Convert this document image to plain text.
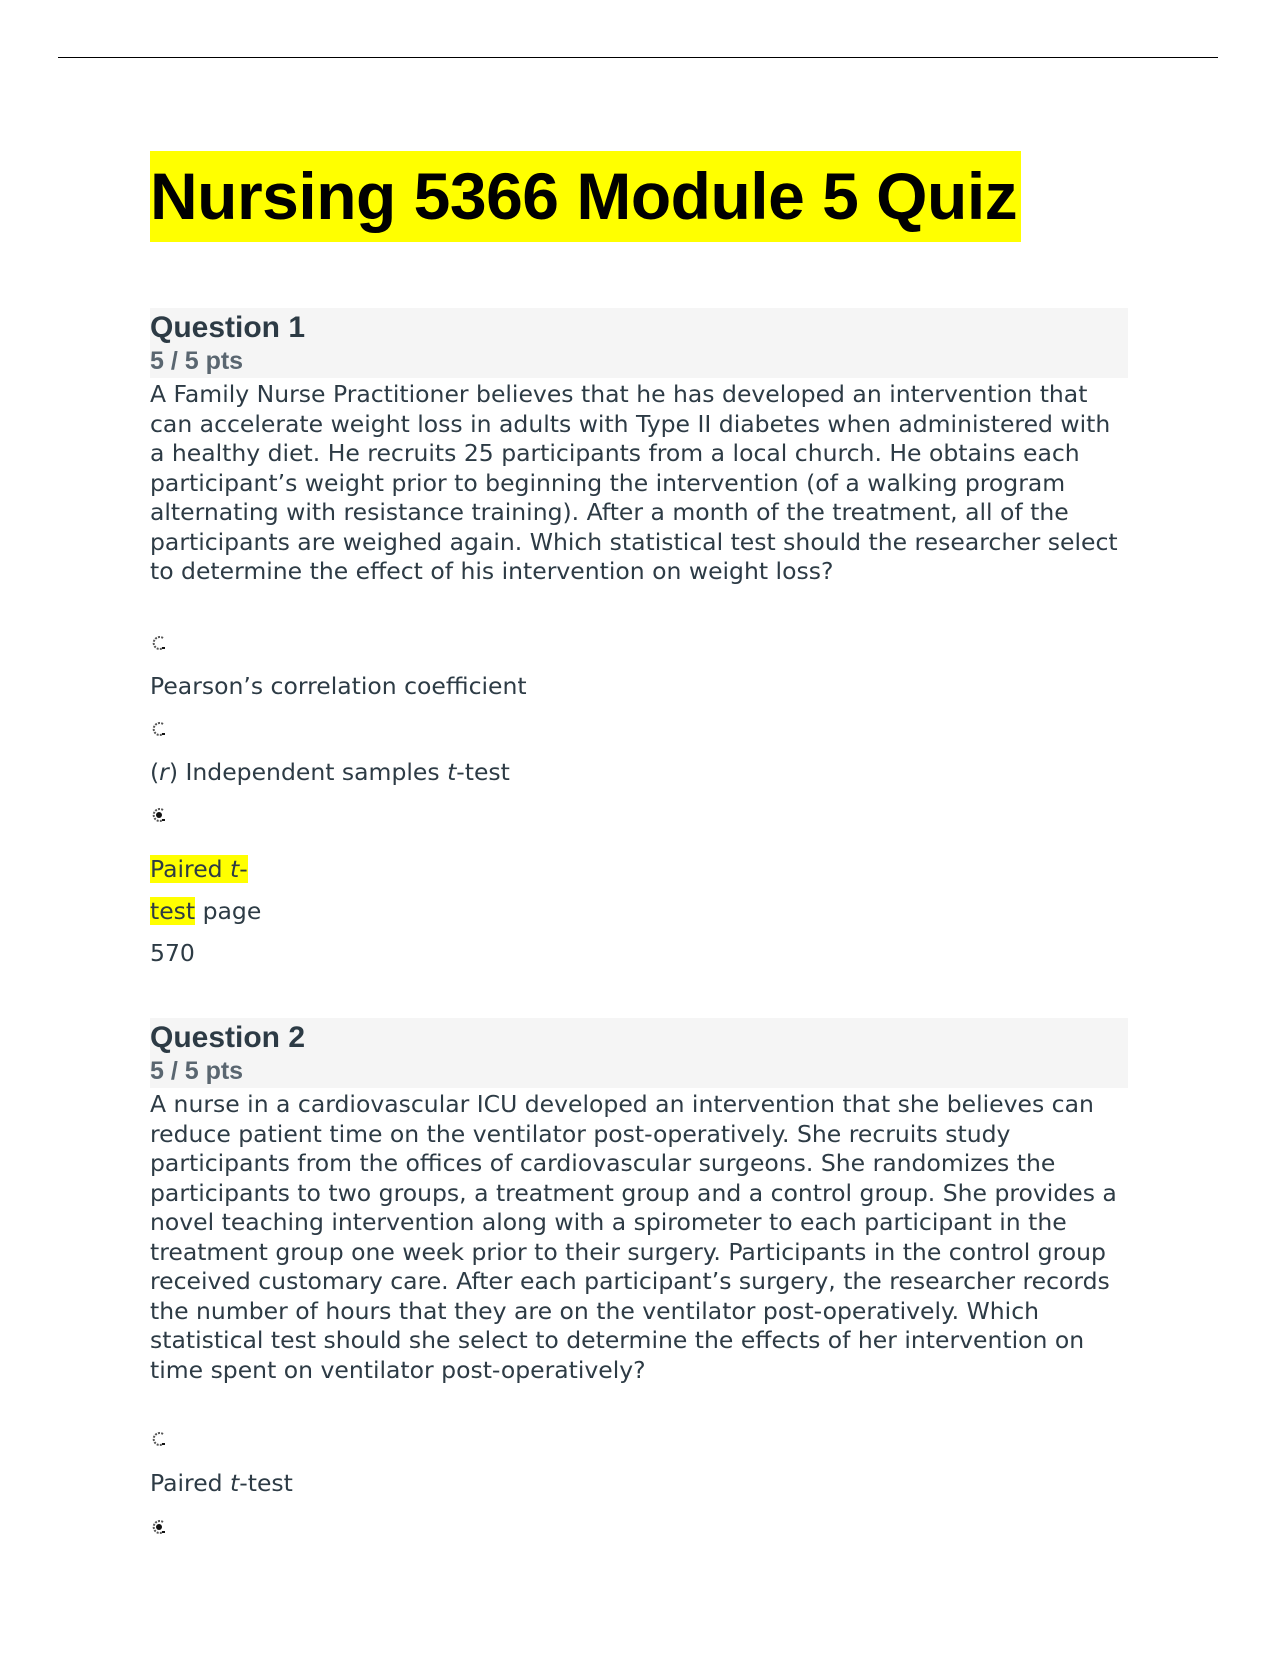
Nursing 5366 Module 5 Quiz
Question 1
5 / 5 pts

A Family Nurse Practitioner believes that he has developed an intervention that can accelerate weight loss in adults with Type II diabetes when administered with a healthy diet. He recruits 25 participants from a local church. He obtains each participant’s weight prior to beginning the intervention (of a walking program alternating with resistance training). After a month of the treatment, all of the participants are weighed again. Which statistical test should the researcher select to determine the effect of his intervention on weight loss?

Pearson’s correlation coefficient

(r) Independent samples t-test

Paired t-

test page

570

Question 2
5 / 5 pts

A nurse in a cardiovascular ICU developed an intervention that she believes can reduce patient time on the ventilator post-operatively. She recruits study participants from the offices of cardiovascular surgeons. She randomizes the participants to two groups, a treatment group and a control group. She provides a novel teaching intervention along with a spirometer to each participant in the treatment group one week prior to their surgery. Participants in the control group received customary care. After each participant’s surgery, the researcher records the number of hours that they are on the ventilator post-operatively. Which statistical test should she select to determine the effects of her intervention on time spent on ventilator post-operatively?

Paired t-test
